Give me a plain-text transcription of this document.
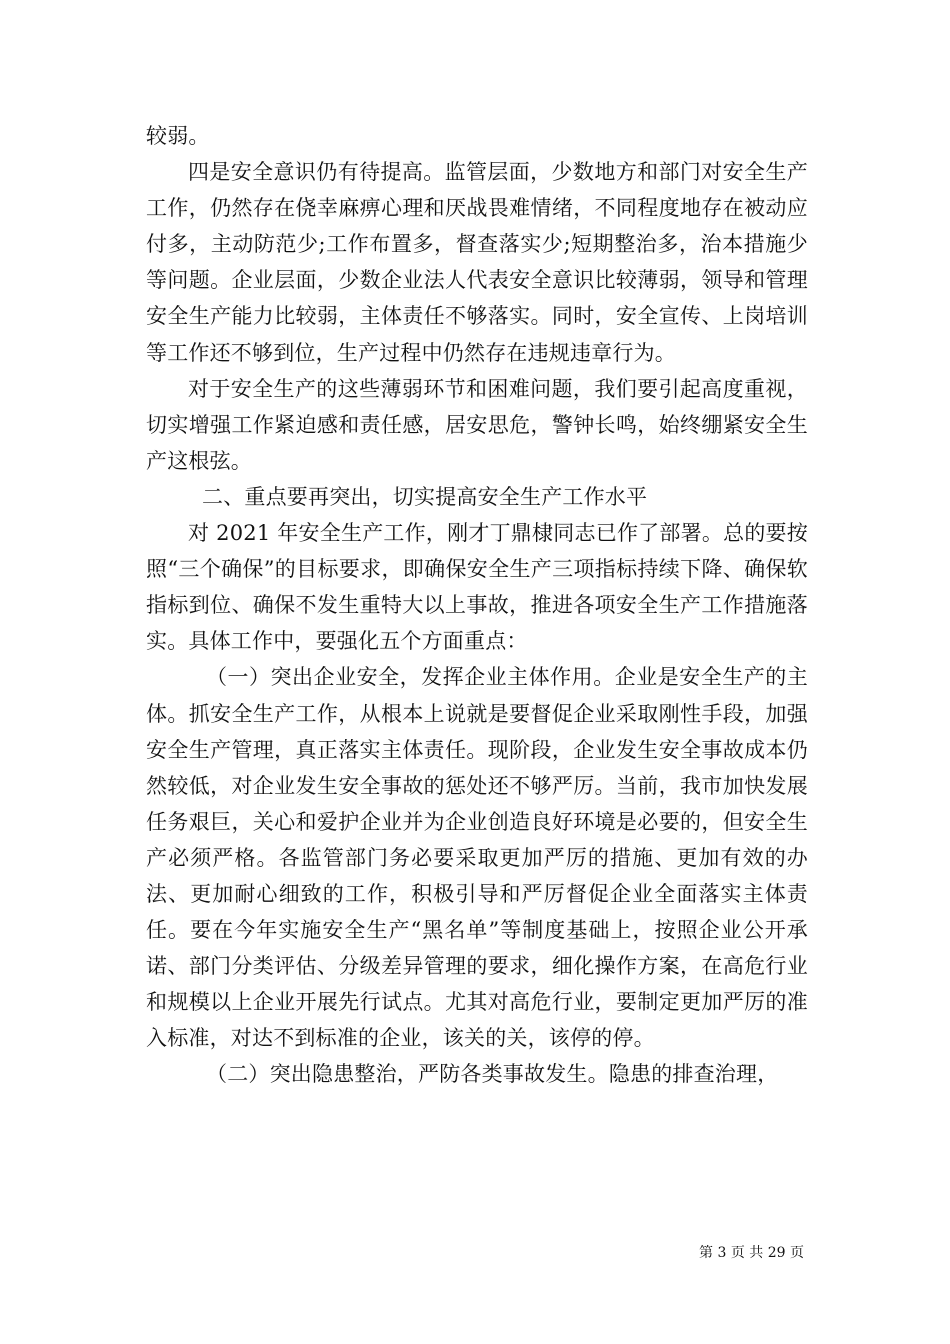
较弱。

四是安全意识仍有待提高。监管层面，少数地方和部门对安全生产工作，仍然存在侥幸麻痹心理和厌战畏难情绪，不同程度地存在被动应付多，主动防范少;工作布置多，督查落实少;短期整治多，治本措施少等问题。企业层面，少数企业法人代表安全意识比较薄弱，领导和管理安全生产能力比较弱，主体责任不够落实。同时，安全宣传、上岗培训等工作还不够到位，生产过程中仍然存在违规违章行为。

对于安全生产的这些薄弱环节和困难问题，我们要引起高度重视，切实增强工作紧迫感和责任感，居安思危，警钟长鸣，始终绷紧安全生产这根弦。

二、重点要再突出，切实提高安全生产工作水平

对 2021 年安全生产工作，刚才丁鼎棣同志已作了部署。总的要按照“三个确保”的目标要求，即确保安全生产三项指标持续下降、确保软指标到位、确保不发生重特大以上事故，推进各项安全生产工作措施落实。具体工作中，要强化五个方面重点：

（一）突出企业安全，发挥企业主体作用。企业是安全生产的主体。抓安全生产工作，从根本上说就是要督促企业采取刚性手段，加强安全生产管理，真正落实主体责任。现阶段，企业发生安全事故成本仍然较低，对企业发生安全事故的惩处还不够严厉。当前，我市加快发展任务艰巨，关心和爱护企业并为企业创造良好环境是必要的，但安全生产必须严格。各监管部门务必要采取更加严厉的措施、更加有效的办法、更加耐心细致的工作，积极引导和严厉督促企业全面落实主体责任。要在今年实施安全生产“黑名单”等制度基础上，按照企业公开承诺、部门分类评估、分级差异管理的要求，细化操作方案，在高危行业和规模以上企业开展先行试点。尤其对高危行业，要制定更加严厉的准入标准，对达不到标准的企业，该关的关，该停的停。

（二）突出隐患整治，严防各类事故发生。隐患的排查治理，

第 3 页 共 29 页
